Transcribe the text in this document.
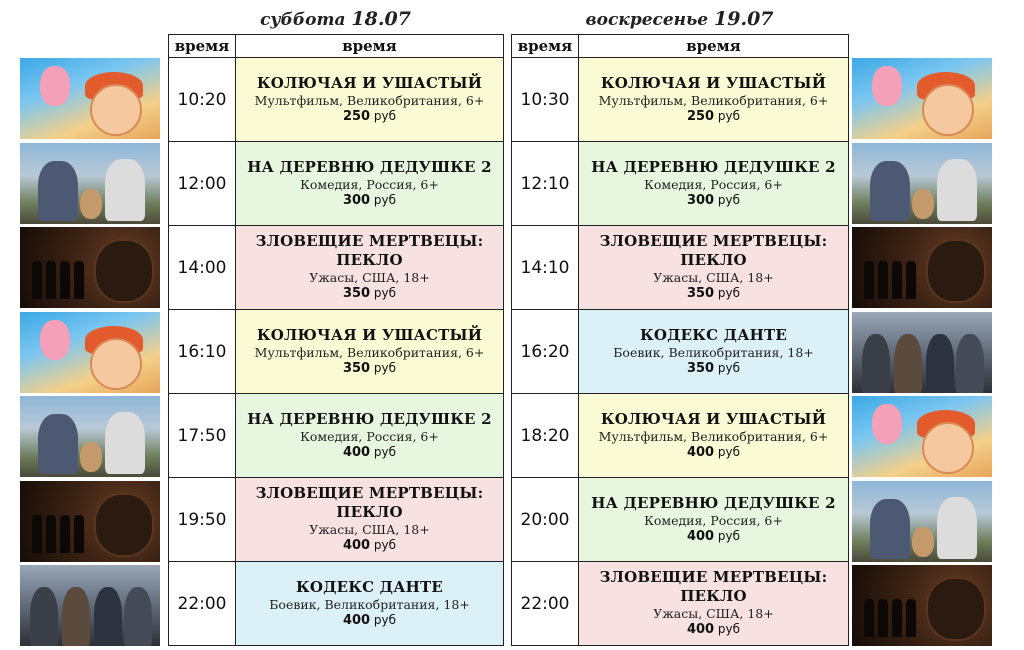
суббота 18.07	воскресенье 19.07
время	время
10:20	КОЛЮЧАЯ И УШАСТЫЙ
Мультфильм, Великобритания, 6+
250 руб

12:00	НА ДЕРЕВНЮ ДЕДУШКЕ 2
Комедия, Россия, 6+
300 руб

14:00	ЗЛОВЕЩИЕ МЕРТВЕЦЫ:
ПЕКЛО
Ужасы, США, 18+
350 руб

16:10	КОЛЮЧАЯ И УШАСТЫЙ
Мультфильм, Великобритания, 6+
350 руб

17:50	НА ДЕРЕВНЮ ДЕДУШКЕ 2
Комедия, Россия, 6+
400 руб

19:50	ЗЛОВЕЩИЕ МЕРТВЕЦЫ:
ПЕКЛО
Ужасы, США, 18+
400 руб

22:00	КОДЕКС ДАНТЕ
Боевик, Великобритания, 18+
400 руб
время	время
10:30	КОЛЮЧАЯ И УШАСТЫЙ
Мультфильм, Великобритания, 6+
250 руб

12:10	НА ДЕРЕВНЮ ДЕДУШКЕ 2
Комедия, Россия, 6+
300 руб

14:10	ЗЛОВЕЩИЕ МЕРТВЕЦЫ:
ПЕКЛО
Ужасы, США, 18+
350 руб

16:20	КОДЕКС ДАНТЕ
Боевик, Великобритания, 18+
350 руб

18:20	КОЛЮЧАЯ И УШАСТЫЙ
Мультфильм, Великобритания, 6+
400 руб

20:00	НА ДЕРЕВНЮ ДЕДУШКЕ 2
Комедия, Россия, 6+
400 руб

22:00	ЗЛОВЕЩИЕ МЕРТВЕЦЫ:
ПЕКЛО
Ужасы, США, 18+
400 руб
